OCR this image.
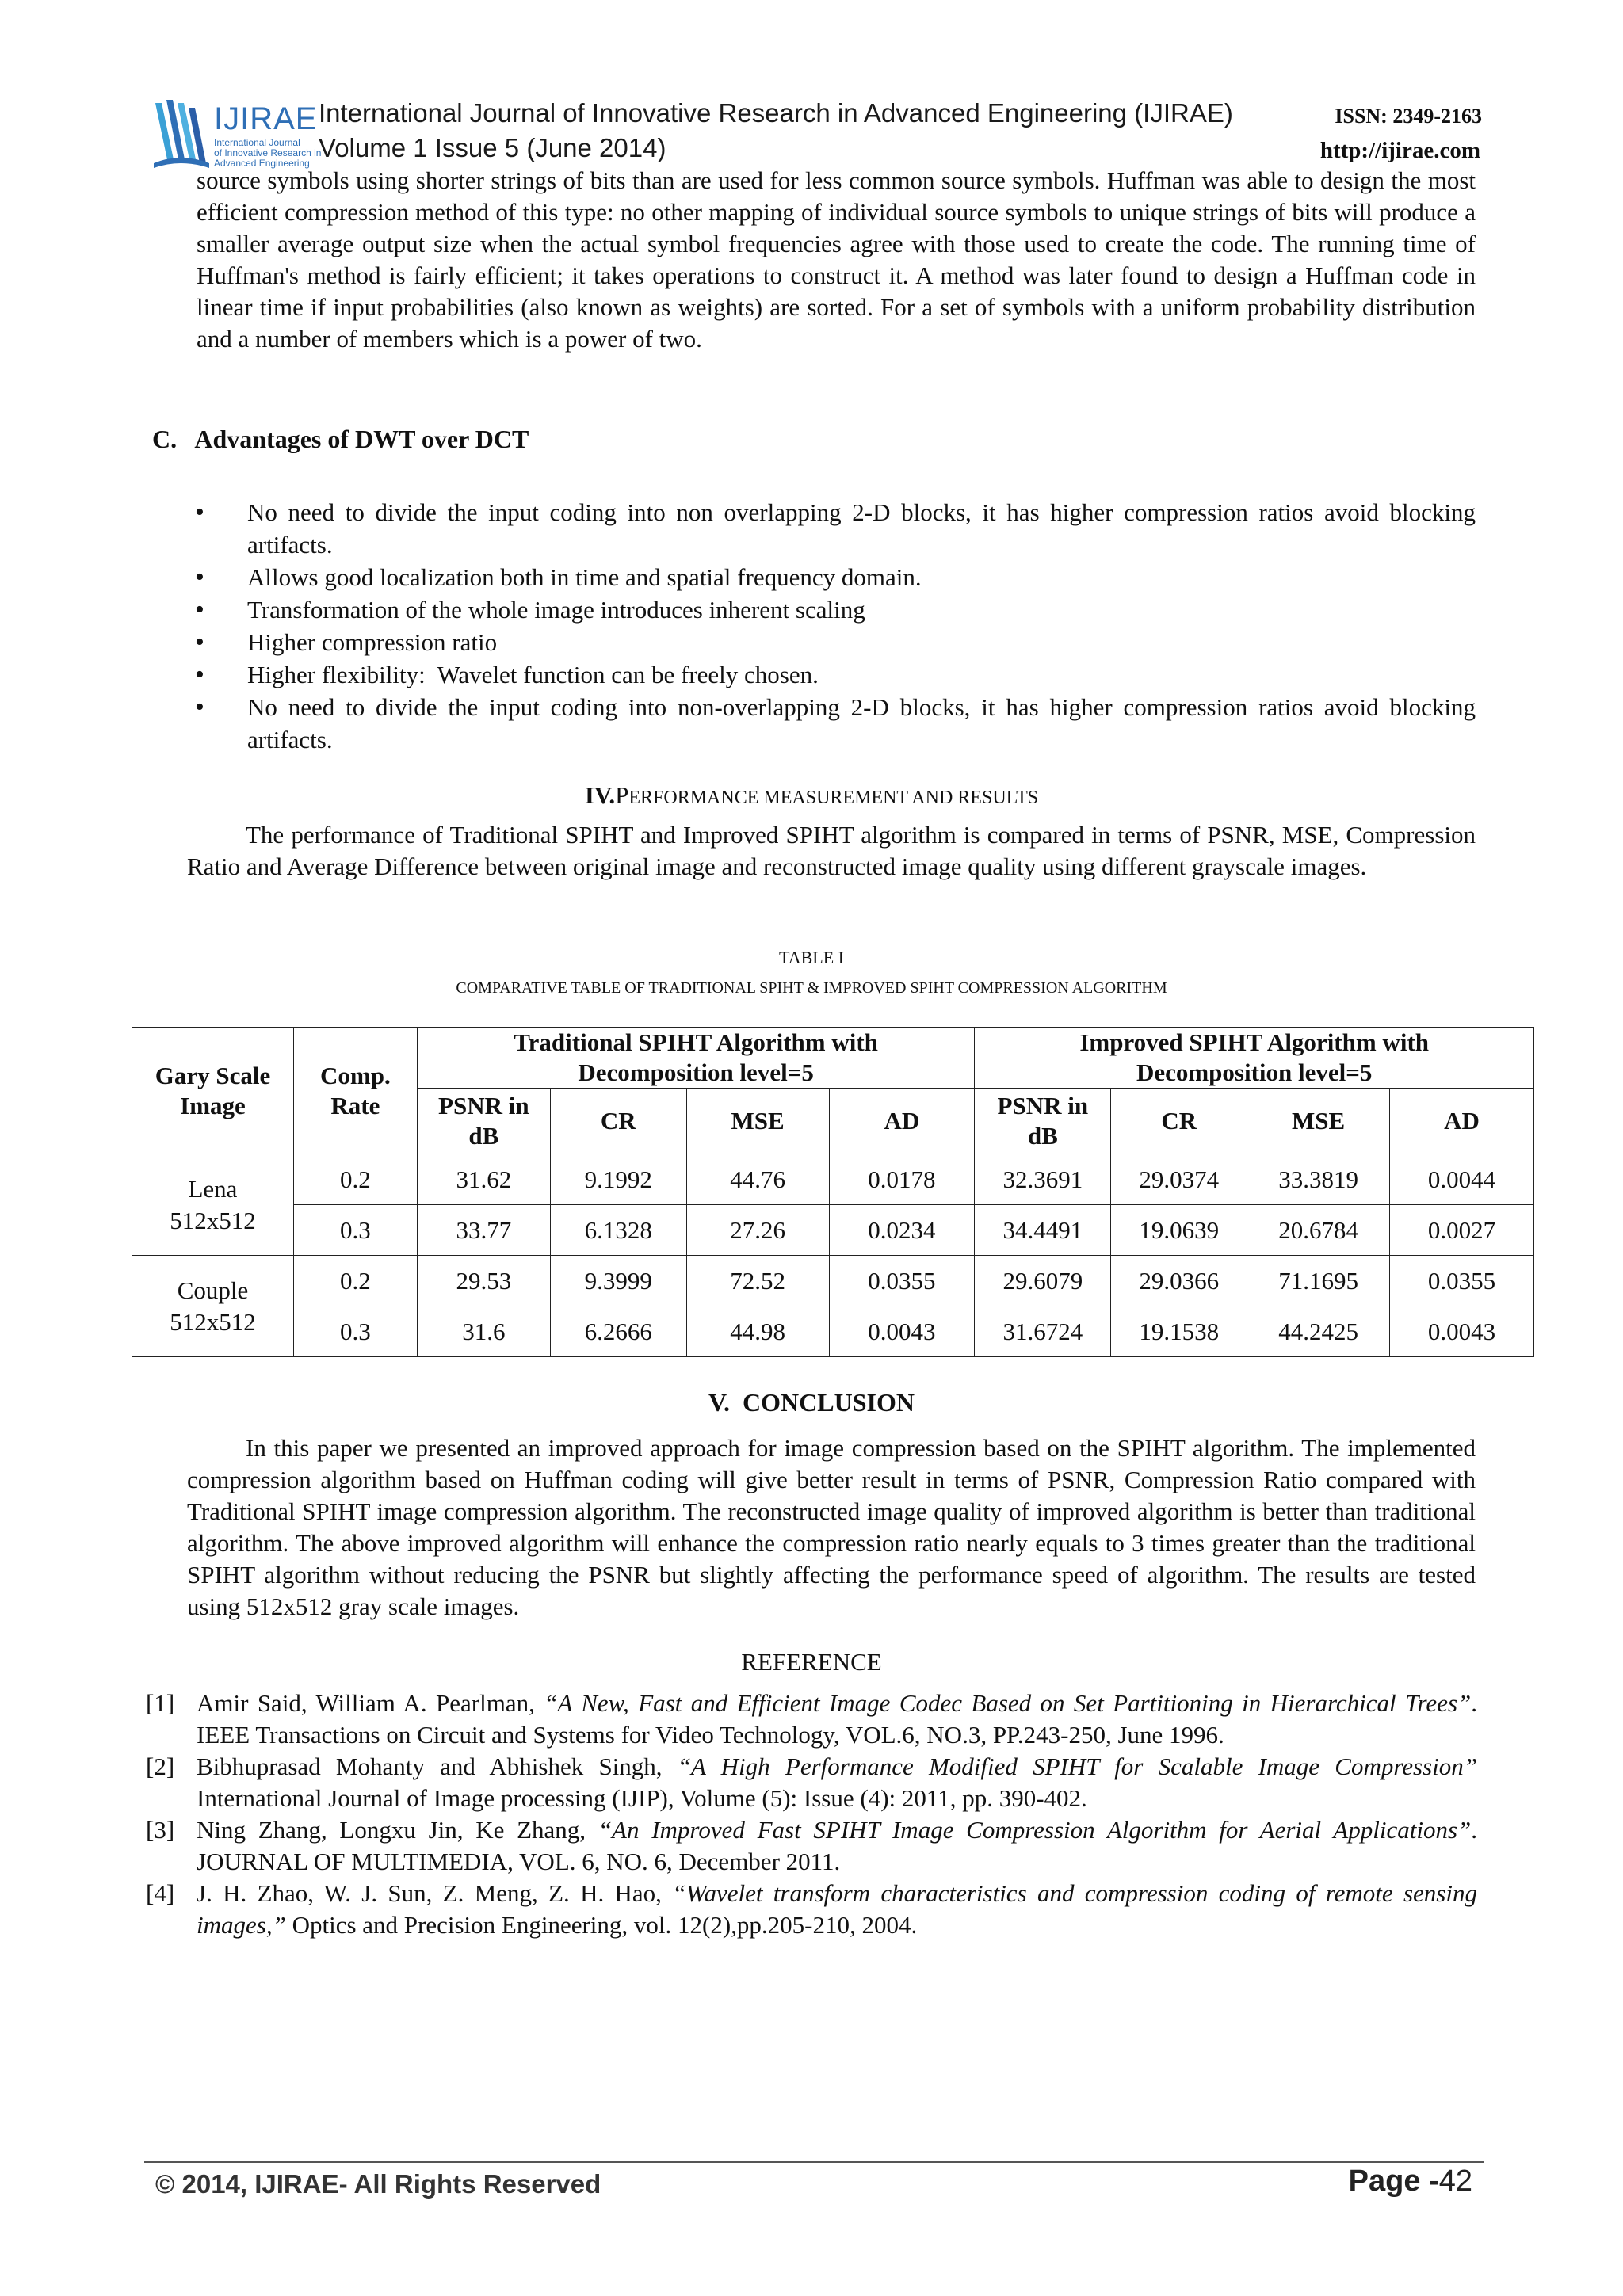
IJIRAE
International Journal
of Innovative Research in
Advanced Engineering
International Journal of Innovative Research in Advanced Engineering (IJIRAE)	ISSN: 2349-2163
Volume 1 Issue 5 (June 2014)	http://ijirae.com

source symbols using shorter strings of bits than are used for less common source symbols. Huffman was able to design the most efficient compression method of this type: no other mapping of individual source symbols to unique strings of bits will produce a smaller average output size when the actual symbol frequencies agree with those used to create the code. The running time of Huffman's method is fairly efficient; it takes operations to construct it. A method was later found to design a Huffman code in linear time if input probabilities (also known as weights) are sorted. For a set of symbols with a uniform probability distribution and a number of members which is a power of two.

C.   Advantages of DWT over DCT
• No need to divide the input coding into non overlapping 2-D blocks, it has higher compression ratios avoid blocking artifacts.
• Allows good localization both in time and spatial frequency domain.
• Transformation of the whole image introduces inherent scaling
• Higher compression ratio
• Higher flexibility:  Wavelet function can be freely chosen.
• No need to divide the input coding into non-overlapping 2-D blocks, it has higher compression ratios avoid blocking artifacts.
IV.PERFORMANCE MEASUREMENT AND RESULTS

The performance of Traditional SPIHT and Improved SPIHT algorithm is compared in terms of PSNR, MSE, Compression Ratio and Average Difference between original image and reconstructed image quality using different grayscale images.

TABLE I
COMPARATIVE TABLE OF TRADITIONAL SPIHT & IMPROVED SPIHT COMPRESSION ALGORITHM
Gary Scale Image	Comp. Rate	Traditional SPIHT Algorithm with Decomposition level=5				Improved SPIHT Algorithm with Decomposition level=5			
		PSNR in dB	CR	MSE	AD	PSNR in dB	CR	MSE	AD
Lena 512x512	0.2	31.62	9.1992	44.76	0.0178	32.3691	29.0374	33.3819	0.0044
	0.3	33.77	6.1328	27.26	0.0234	34.4491	19.0639	20.6784	0.0027
Couple 512x512	0.2	29.53	9.3999	72.52	0.0355	29.6079	29.0366	71.1695	0.0355
	0.3	31.6	6.2666	44.98	0.0043	31.6724	19.1538	44.2425	0.0043
V.  CONCLUSION

In this paper we presented an improved approach for image compression based on the SPIHT algorithm. The implemented compression algorithm based on Huffman coding will give better result in terms of PSNR, Compression Ratio compared with Traditional SPIHT image compression algorithm. The reconstructed image quality of improved algorithm is better than traditional algorithm. The above improved algorithm will enhance the compression ratio nearly equals to 3 times greater than the traditional SPIHT algorithm without reducing the PSNR but slightly affecting the performance speed of algorithm. The results are tested using 512x512 gray scale images.

REFERENCE
[1] Amir Said, William A. Pearlman, “A New, Fast and Efficient Image Codec Based on Set Partitioning in Hierarchical Trees”. IEEE Transactions on Circuit and Systems for Video Technology, VOL.6, NO.3, PP.243-250, June 1996.
[2] Bibhuprasad Mohanty and Abhishek Singh, “A High Performance Modified SPIHT for Scalable Image Compression” International Journal of Image processing (IJIP), Volume (5): Issue (4): 2011, pp. 390-402.
[3] Ning Zhang, Longxu Jin, Ke Zhang, “An Improved Fast SPIHT Image Compression Algorithm for Aerial Applications”. JOURNAL OF MULTIMEDIA, VOL. 6, NO. 6, December 2011.
[4] J. H. Zhao, W. J. Sun, Z. Meng, Z. H. Hao, “Wavelet transform characteristics and compression coding of remote sensing images,” Optics and Precision Engineering, vol. 12(2),pp.205-210, 2004.
© 2014, IJIRAE- All Rights Reserved	Page -42
